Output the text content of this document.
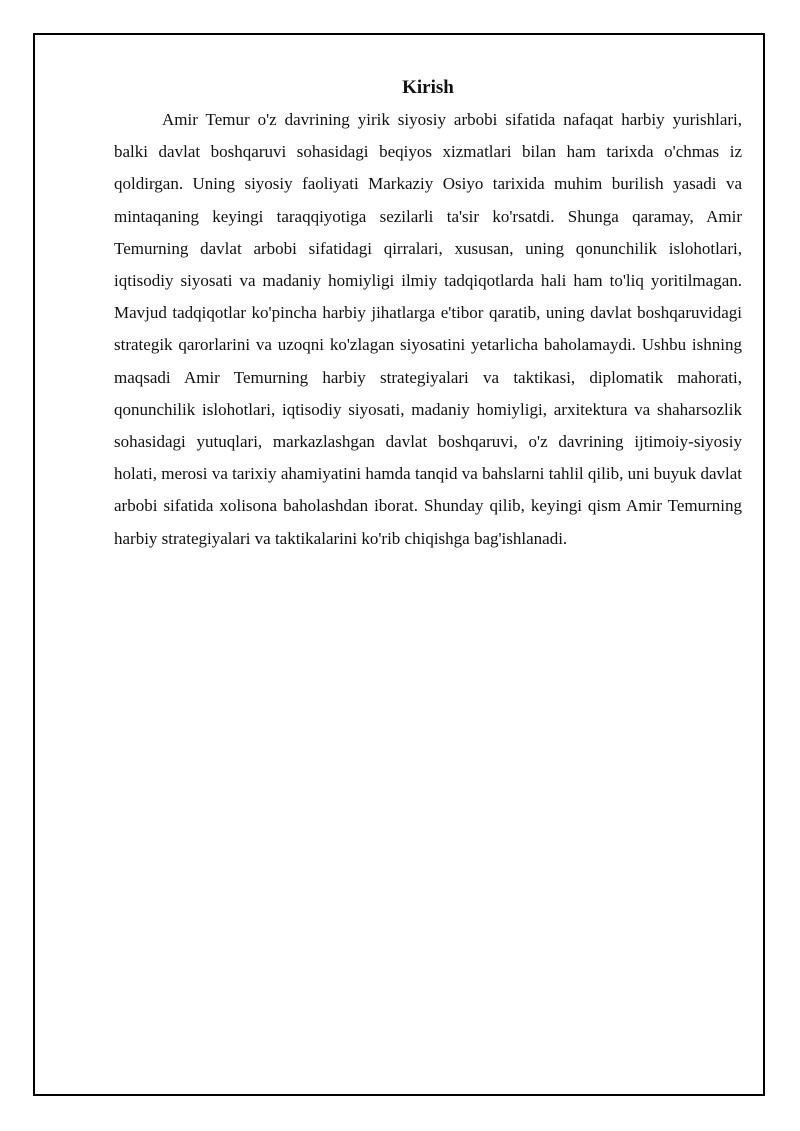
Kirish

Amir Temur o'z davrining yirik siyosiy arbobi sifatida nafaqat harbiy yurishlari, balki davlat boshqaruvi sohasidagi beqiyos xizmatlari bilan ham tarixda o'chmas iz qoldirgan. Uning siyosiy faoliyati Markaziy Osiyo tarixida muhim burilish yasadi va mintaqaning keyingi taraqqiyotiga sezilarli ta'sir ko'rsatdi. Shunga qaramay, Amir Temurning davlat arbobi sifatidagi qirralari, xususan, uning qonunchilik islohotlari, iqtisodiy siyosati va madaniy homiyligi ilmiy tadqiqotlarda hali ham to'liq yoritilmagan. Mavjud tadqiqotlar ko'pincha harbiy jihatlarga e'tibor qaratib, uning davlat boshqaruvidagi strategik qarorlarini va uzoqni ko'zlagan siyosatini yetarlicha baholamaydi. Ushbu ishning maqsadi Amir Temurning harbiy strategiyalari va taktikasi, diplomatik mahorati, qonunchilik islohotlari, iqtisodiy siyosati, madaniy homiyligi, arxitektura va shaharsozlik sohasidagi yutuqlari, markazlashgan davlat boshqaruvi, o'z davrining ijtimoiy-siyosiy holati, merosi va tarixiy ahamiyatini hamda tanqid va bahslarni tahlil qilib, uni buyuk davlat arbobi sifatida xolisona baholashdan iborat. Shunday qilib, keyingi qism Amir Temurning harbiy strategiyalari va taktikalarini ko'rib chiqishga bag'ishlanadi.
